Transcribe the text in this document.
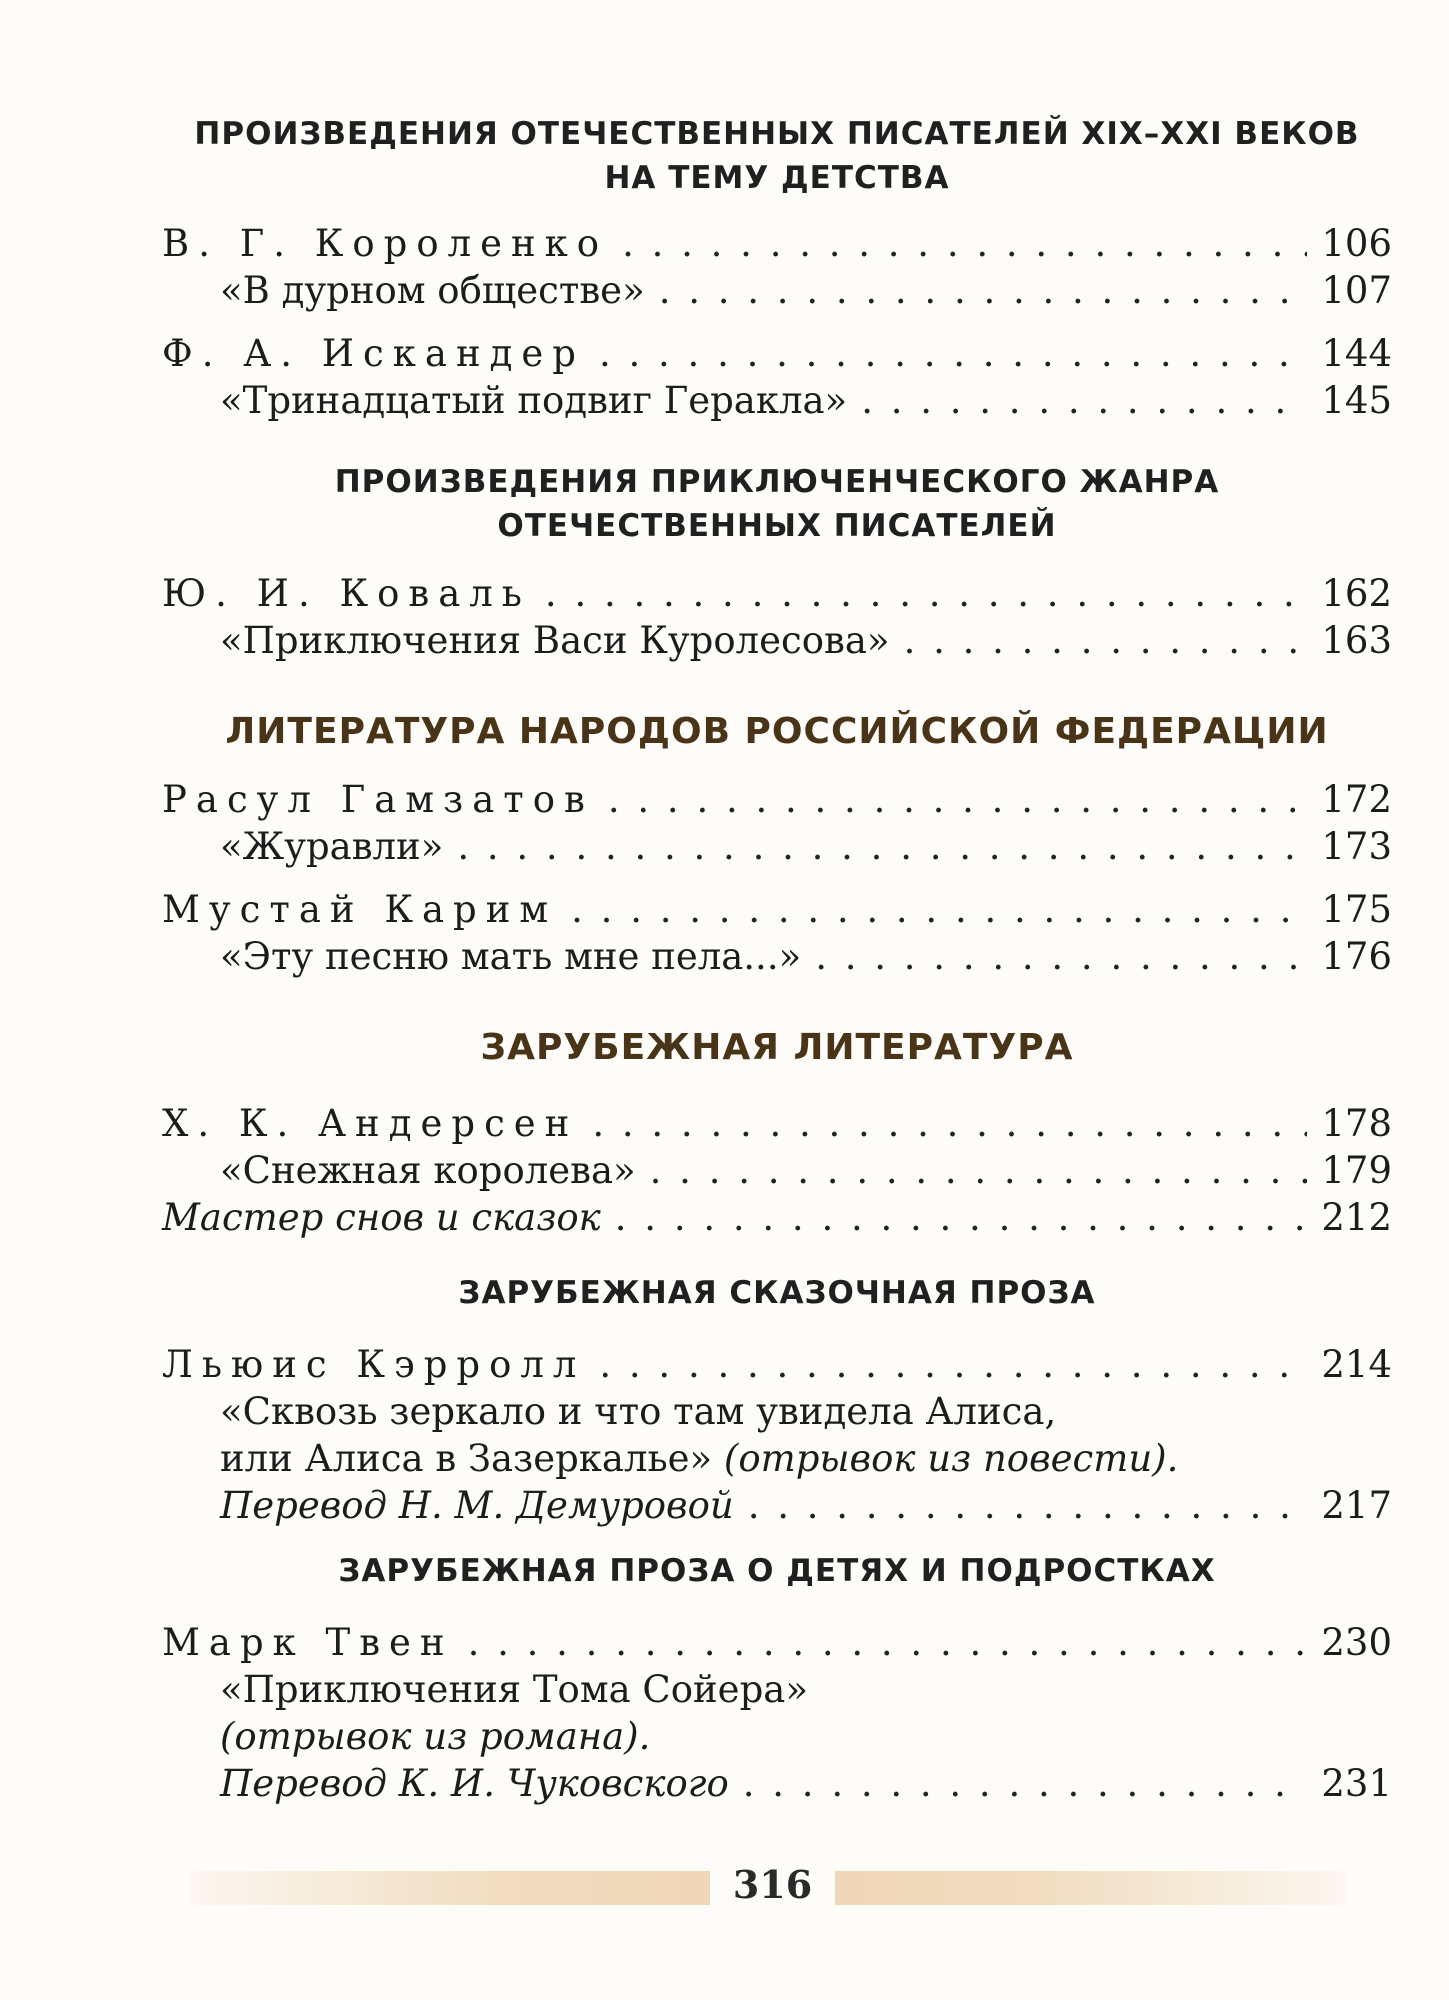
ПРОИЗВЕДЕНИЯ ОТЕЧЕСТВЕННЫХ ПИСАТЕЛЕЙ XIX–XXI ВЕКОВ
НА ТЕМУ ДЕТСТВА
В. Г. Короленко . . .	106
«В дурном обществе» . . .	107
Ф. А. Искандер . . .	144
«Тринадцатый подвиг Геракла» . . .	145
ПРОИЗВЕДЕНИЯ ПРИКЛЮЧЕНЧЕСКОГО ЖАНРА
ОТЕЧЕСТВЕННЫХ ПИСАТЕЛЕЙ
Ю. И. Коваль . . .	162
«Приключения Васи Куролесова» . . .	163
ЛИТЕРАТУРА НАРОДОВ РОССИЙСКОЙ ФЕДЕРАЦИИ
Расул Гамзатов . . .	172
«Журавли» . . .	173
Мустай Карим . . .	175
«Эту песню мать мне пела...» . . .	176
ЗАРУБЕЖНАЯ ЛИТЕРАТУРА
Х. К. Андерсен . . .	178
«Снежная королева» . . .	179
Мастер снов и сказок . . .	212
ЗАРУБЕЖНАЯ СКАЗОЧНАЯ ПРОЗА
Льюис Кэрролл . . .	214
«Сквозь зеркало и что там увидела Алиса,
или Алиса в Зазеркалье» (отрывок из повести).
Перевод Н. М. Демуровой . . .	217
ЗАРУБЕЖНАЯ ПРОЗА О ДЕТЯХ И ПОДРОСТКАХ
Марк Твен . . .	230
«Приключения Тома Сойера»
(отрывок из романа).
Перевод К. И. Чуковского . . .	231
316
